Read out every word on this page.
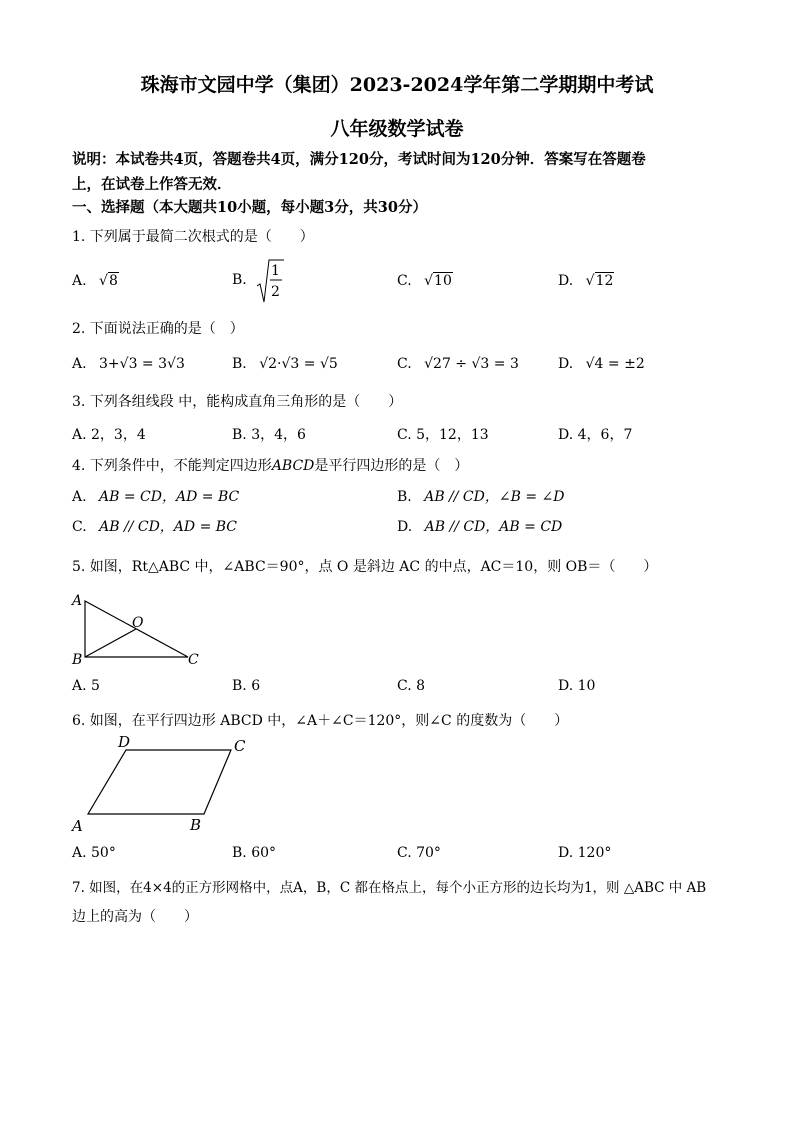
珠海市文园中学（集团）2023-2024学年第二学期期中考试
八年级数学试卷
说明：本试卷共4页，答题卷共4页，满分120分，考试时间为120分钟．答案写在答题卷
上，在试卷上作答无效．
一、选择题（本大题共10小题，每小题3分，共30分）
1. 下列属于最简二次根式的是（　　）
A. √8	B.
1
2
C. √10	D. √12
2. 下面说法正确的是（　）
A. 3+√3 = 3√3	B. √2·√3 = √5	C. √27 ÷ √3 = 3	D. √4 = ±2
3. 下列各组线段 中，能构成直角三角形的是（　　）
A. 2，3，4	B. 3，4，6	C. 5，12，13	D. 4，6，7
4. 下列条件中，不能判定四边形ABCD是平行四边形的是（　）
A. AB = CD，AD = BC	B. AB // CD，∠B = ∠D
C. AB // CD，AD = BC	D. AB // CD，AB = CD
5. 如图，Rt△ABC 中，∠ABC＝90°，点 O 是斜边 AC 的中点，AC＝10，则 OB＝（　　）
A
O
B	C
A. 5	B. 6	C. 8	D. 10
6. 如图，在平行四边形 ABCD 中，∠A＋∠C＝120°，则∠C 的度数为（　　）
D	C
A	B
A. 50°	B. 60°	C. 70°	D. 120°
7. 如图，在4×4的正方形网格中，点A，B，C 都在格点上，每个小正方形的边长均为1，则 △ABC 中 AB
边上的高为（　　）
